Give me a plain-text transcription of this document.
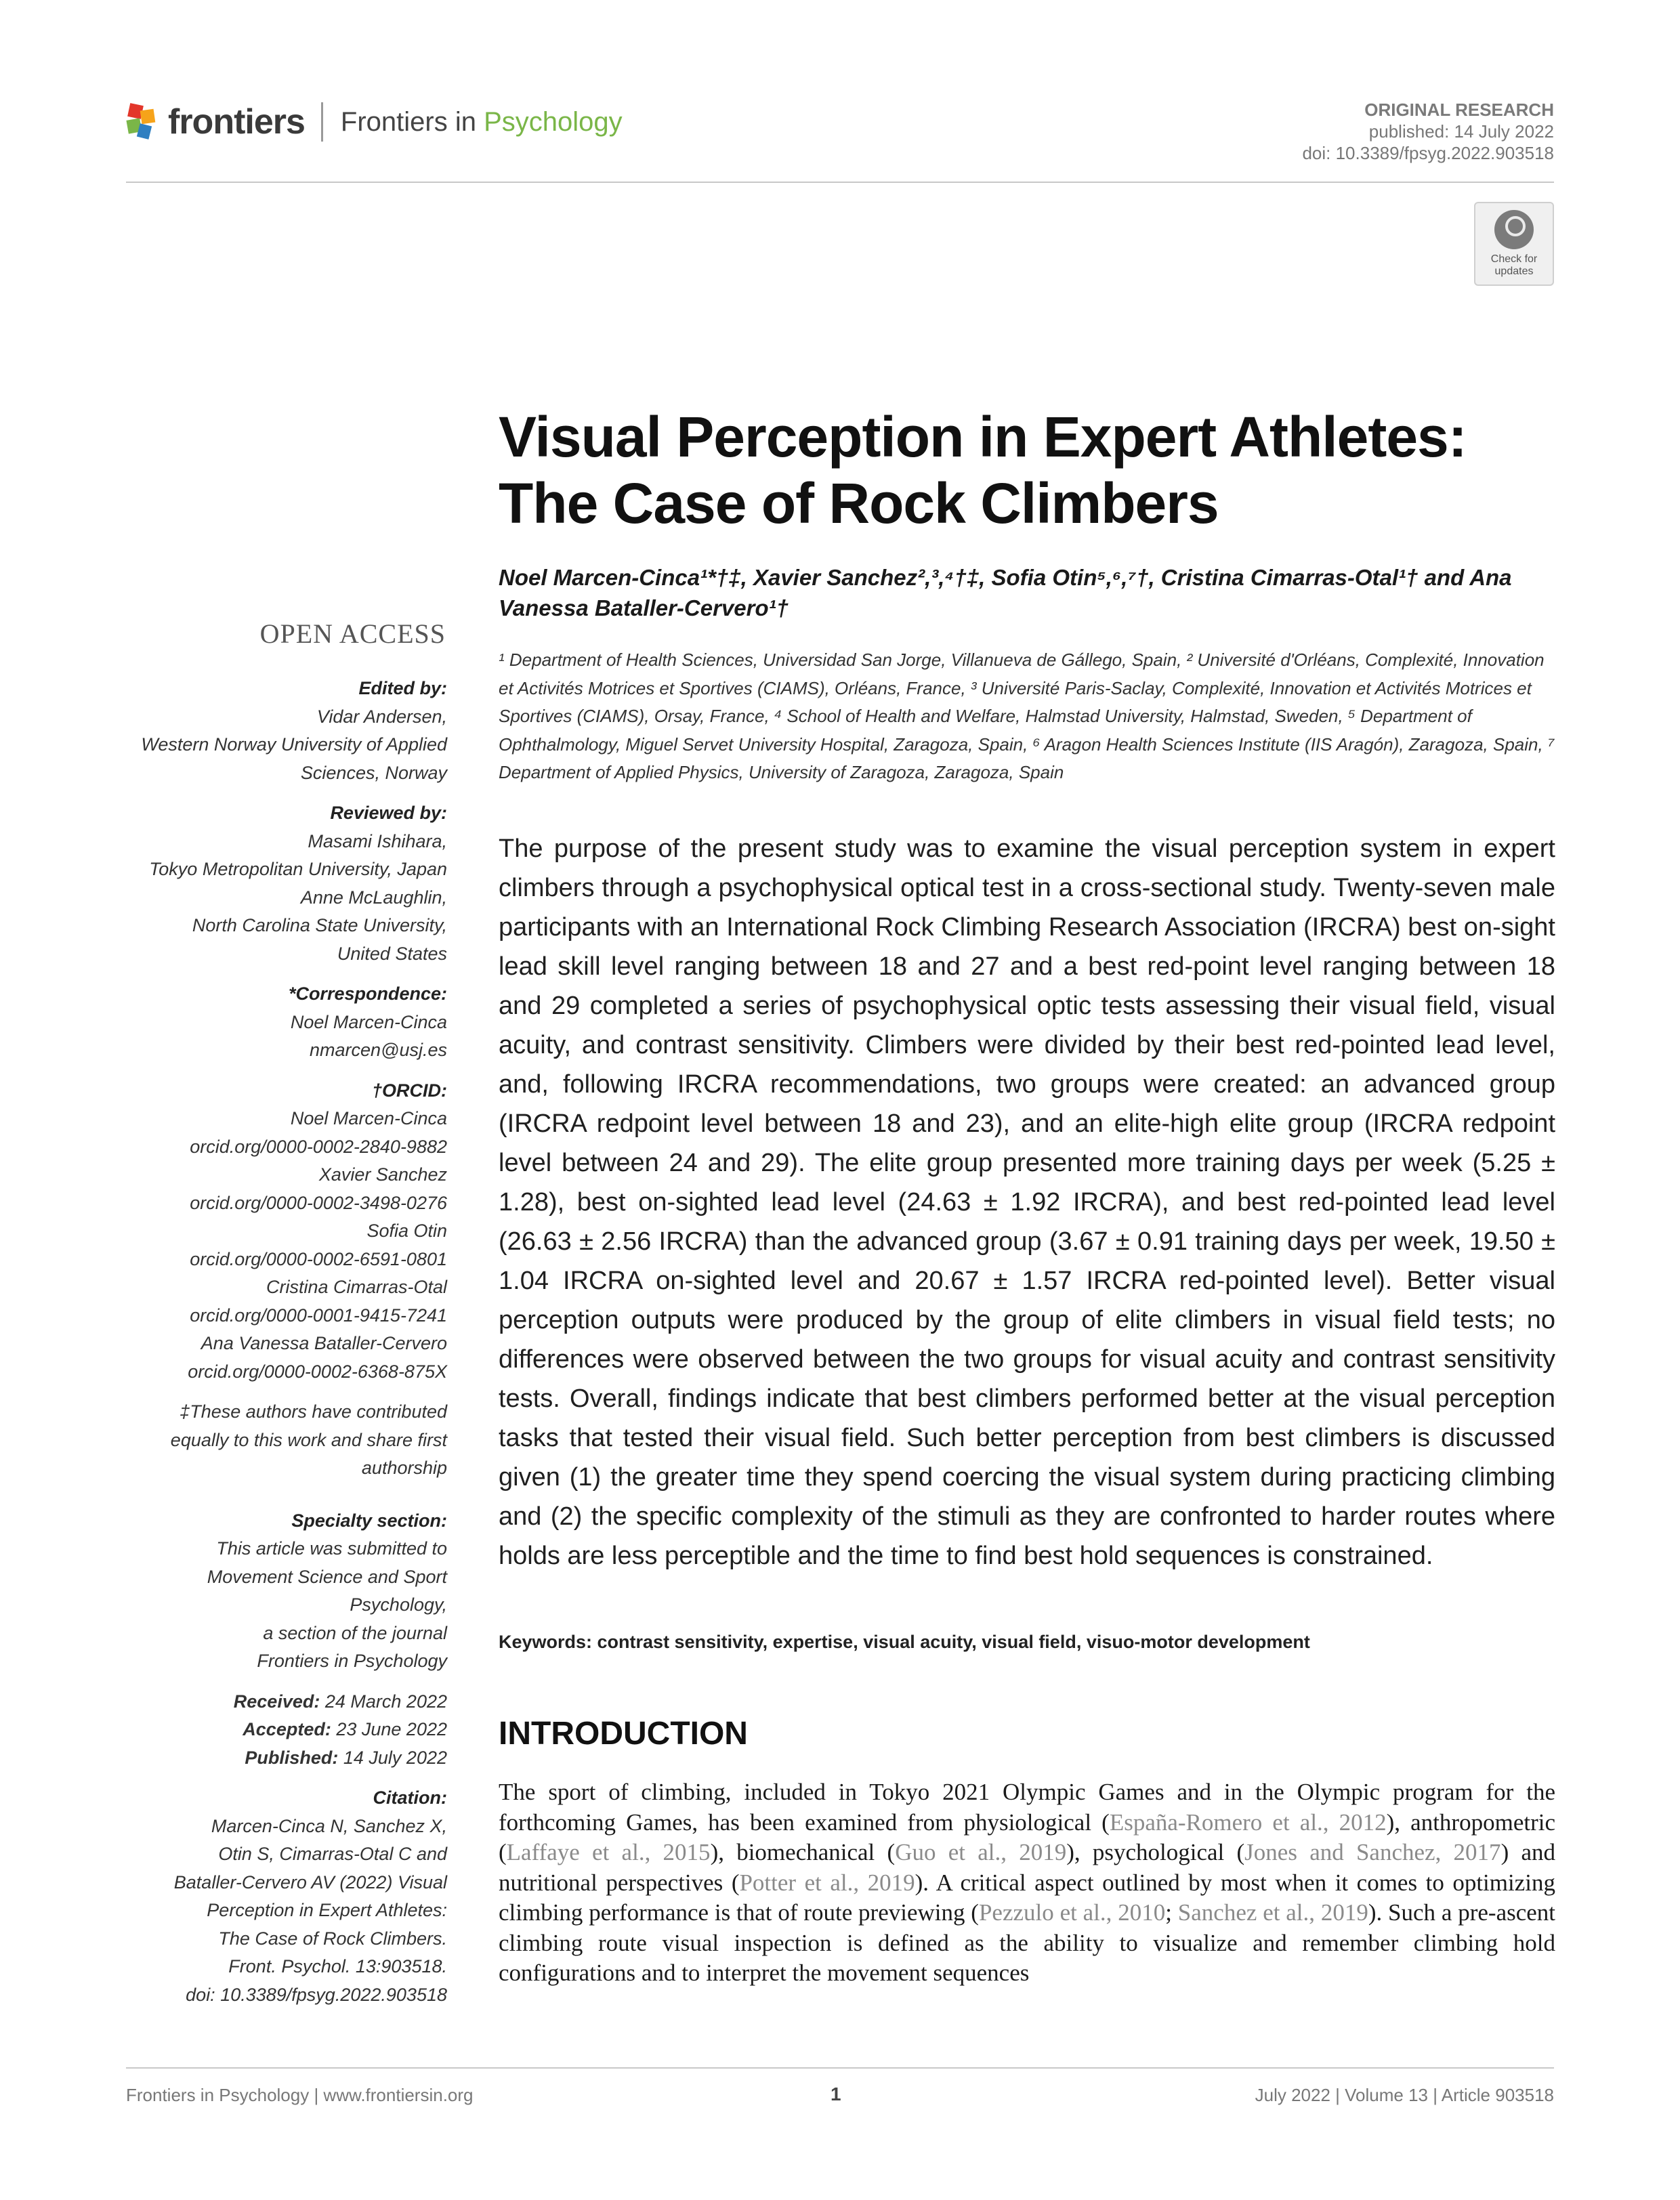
frontiers Frontiers in Psychology	ORIGINAL RESEARCH
published: 14 July 2022
doi: 10.3389/fpsyg.2022.903518
Check for updates
Visual Perception in Expert Athletes: The Case of Rock Climbers
Noel Marcen-Cinca¹*†‡, Xavier Sanchez²,³,⁴†‡, Sofia Otin⁵,⁶,⁷†, Cristina Cimarras-Otal¹† and Ana Vanessa Bataller-Cervero¹†
¹ Department of Health Sciences, Universidad San Jorge, Villanueva de Gállego, Spain, ² Université d'Orléans, Complexité, Innovation et Activités Motrices et Sportives (CIAMS), Orléans, France, ³ Université Paris-Saclay, Complexité, Innovation et Activités Motrices et Sportives (CIAMS), Orsay, France, ⁴ School of Health and Welfare, Halmstad University, Halmstad, Sweden, ⁵ Department of Ophthalmology, Miguel Servet University Hospital, Zaragoza, Spain, ⁶ Aragon Health Sciences Institute (IIS Aragón), Zaragoza, Spain, ⁷ Department of Applied Physics, University of Zaragoza, Zaragoza, Spain
The purpose of the present study was to examine the visual perception system in expert climbers through a psychophysical optical test in a cross-sectional study. Twenty-seven male participants with an International Rock Climbing Research Association (IRCRA) best on-sight lead skill level ranging between 18 and 27 and a best red-point level ranging between 18 and 29 completed a series of psychophysical optic tests assessing their visual field, visual acuity, and contrast sensitivity. Climbers were divided by their best red-pointed lead level, and, following IRCRA recommendations, two groups were created: an advanced group (IRCRA redpoint level between 18 and 23), and an elite-high elite group (IRCRA redpoint level between 24 and 29). The elite group presented more training days per week (5.25 ± 1.28), best on-sighted lead level (24.63 ± 1.92 IRCRA), and best red-pointed lead level (26.63 ± 2.56 IRCRA) than the advanced group (3.67 ± 0.91 training days per week, 19.50 ± 1.04 IRCRA on-sighted level and 20.67 ± 1.57 IRCRA red-pointed level). Better visual perception outputs were produced by the group of elite climbers in visual field tests; no differences were observed between the two groups for visual acuity and contrast sensitivity tests. Overall, findings indicate that best climbers performed better at the visual perception tasks that tested their visual field. Such better perception from best climbers is discussed given (1) the greater time they spend coercing the visual system during practicing climbing and (2) the specific complexity of the stimuli as they are confronted to harder routes where holds are less perceptible and the time to find best hold sequences is constrained.
Keywords: contrast sensitivity, expertise, visual acuity, visual field, visuo-motor development
INTRODUCTION
The sport of climbing, included in Tokyo 2021 Olympic Games and in the Olympic program for the forthcoming Games, has been examined from physiological (España-Romero et al., 2012), anthropometric (Laffaye et al., 2015), biomechanical (Guo et al., 2019), psychological (Jones and Sanchez, 2017) and nutritional perspectives (Potter et al., 2019). A critical aspect outlined by most when it comes to optimizing climbing performance is that of route previewing (Pezzulo et al., 2010; Sanchez et al., 2019). Such a pre-ascent climbing route visual inspection is defined as the ability to visualize and remember climbing hold configurations and to interpret the movement sequences
OPEN ACCESS
Edited by:
Vidar Andersen,
Western Norway University of Applied
Sciences, Norway
Reviewed by:
Masami Ishihara,
Tokyo Metropolitan University, Japan
Anne McLaughlin,
North Carolina State University,
United States
*Correspondence:
Noel Marcen-Cinca
nmarcen@usj.es
†ORCID:
Noel Marcen-Cinca
orcid.org/0000-0002-2840-9882
Xavier Sanchez
orcid.org/0000-0002-3498-0276
Sofia Otin
orcid.org/0000-0002-6591-0801
Cristina Cimarras-Otal
orcid.org/0000-0001-9415-7241
Ana Vanessa Bataller-Cervero
orcid.org/0000-0002-6368-875X
‡These authors have contributed
equally to this work and share first
authorship
Specialty section:
This article was submitted to
Movement Science and Sport
Psychology,
a section of the journal
Frontiers in Psychology
Received: 24 March 2022
Accepted: 23 June 2022
Published: 14 July 2022
Citation:
Marcen-Cinca N, Sanchez X,
Otin S, Cimarras-Otal C and
Bataller-Cervero AV (2022) Visual
Perception in Expert Athletes:
The Case of Rock Climbers.
Front. Psychol. 13:903518.
doi: 10.3389/fpsyg.2022.903518
Frontiers in Psychology | www.frontiersin.org	1	July 2022 | Volume 13 | Article 903518
